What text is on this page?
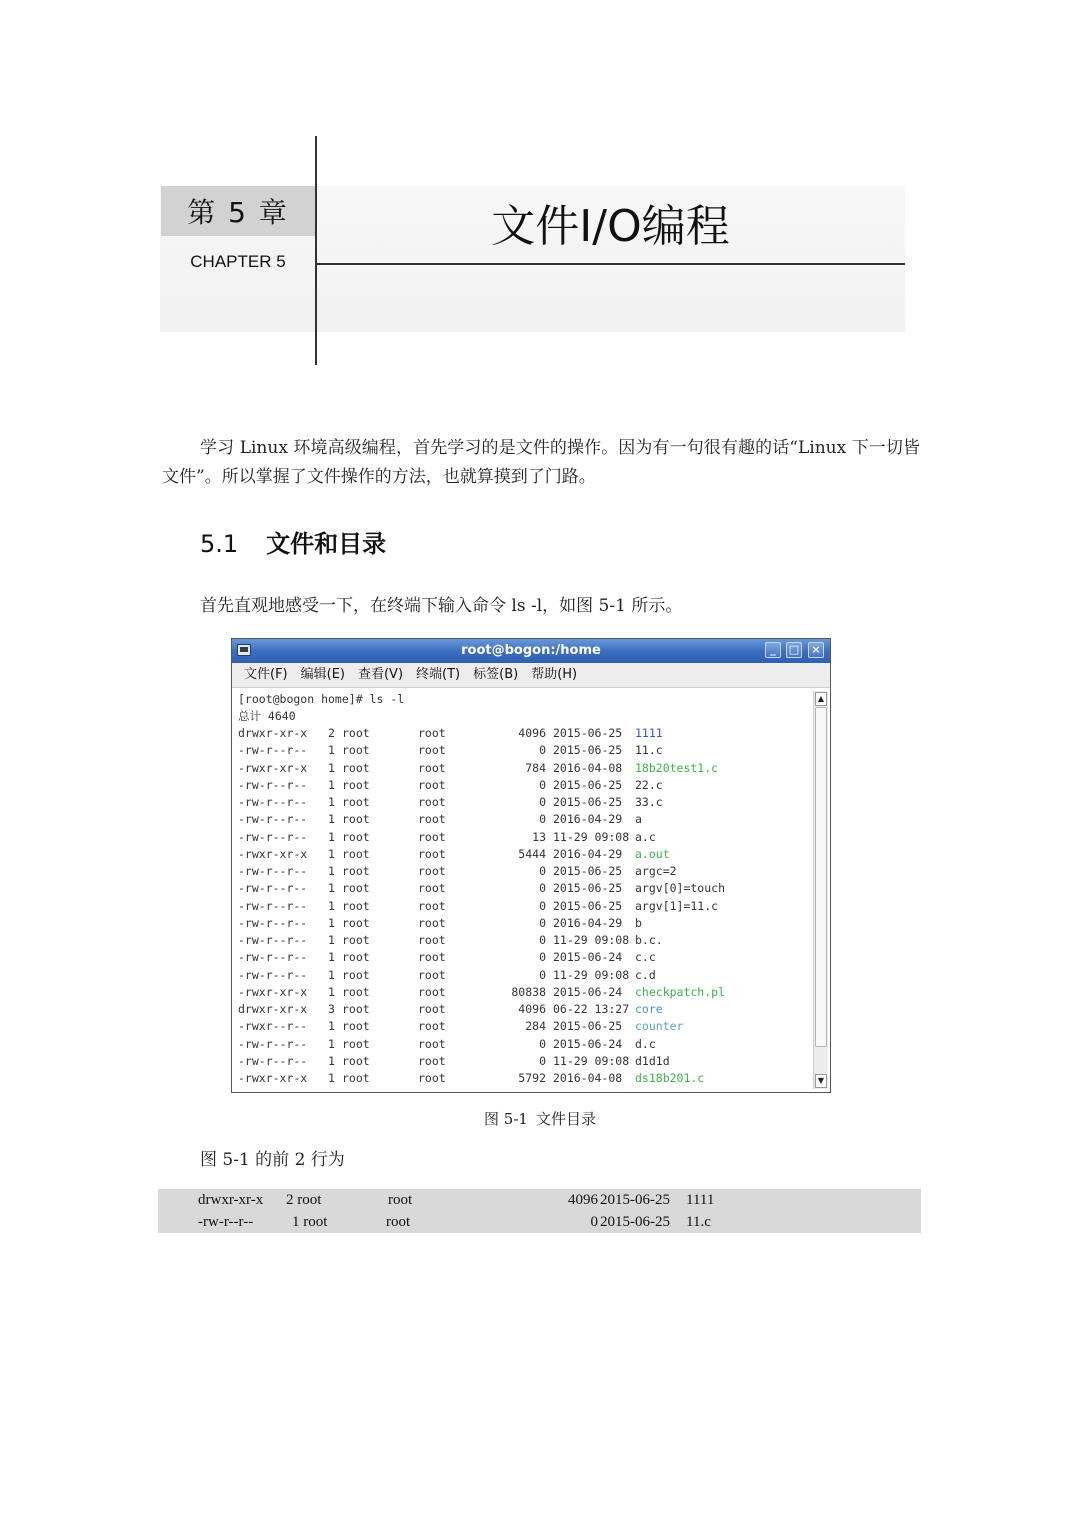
第 5 章
CHAPTER 5
文件I/O编程

学习 Linux 环境高级编程，首先学习的是文件的操作。因为有一句很有趣的话“Linux 下一切皆文件”。所以掌握了文件操作的方法，也就算摸到了门路。

5.1 文件和目录

首先直观地感受一下，在终端下输入命令 ls -l，如图 5-1 所示。

root@bogon:/home	_	□	×
文件(F) 编辑(E) 查看(V) 终端(T) 标签(B) 帮助(H)
[root@bogon home]# ls -l
总计 4640
drwxr-xr-x 2 root	root	4096 2015-06-25 1111
-rw-r--r-- 1 root	root	0 2015-06-25 11.c
-rwxr-xr-x 1 root	root	784 2016-04-08 18b20test1.c
-rw-r--r-- 1 root	root	0 2015-06-25 22.c
-rw-r--r-- 1 root	root	0 2015-06-25 33.c
-rw-r--r-- 1 root	root	0 2016-04-29 a
-rw-r--r-- 1 root	root	13 11-29 09:08 a.c
-rwxr-xr-x 1 root	root	5444 2016-04-29 a.out
-rw-r--r-- 1 root	root	0 2015-06-25 argc=2
-rw-r--r-- 1 root	root	0 2015-06-25 argv[0]=touch
-rw-r--r-- 1 root	root	0 2015-06-25 argv[1]=11.c
-rw-r--r-- 1 root	root	0 2016-04-29 b
-rw-r--r-- 1 root	root	0 11-29 09:08 b.c.
-rw-r--r-- 1 root	root	0 2015-06-24 c.c
-rw-r--r-- 1 root	root	0 11-29 09:08 c.d
-rwxr-xr-x 1 root	root	80838 2015-06-24 checkpatch.pl
drwxr-xr-x 3 root	root	4096 06-22 13:27 core
-rwxr--r-- 1 root	root	284 2015-06-25 counter
-rw-r--r-- 1 root	root	0 2015-06-24 d.c
-rw-r--r-- 1 root	root	0 11-29 09:08 d1d1d
-rwxr-xr-x 1 root	root	5792 2016-04-08 ds18b201.c
▲
▼
图 5-1 文件目录

图 5-1 的前 2 行为

drwxr-xr-x 2 root	root	4096 2015-06-25 1111
-rw-r--r--	1 root	root	0 2015-06-25 11.c
